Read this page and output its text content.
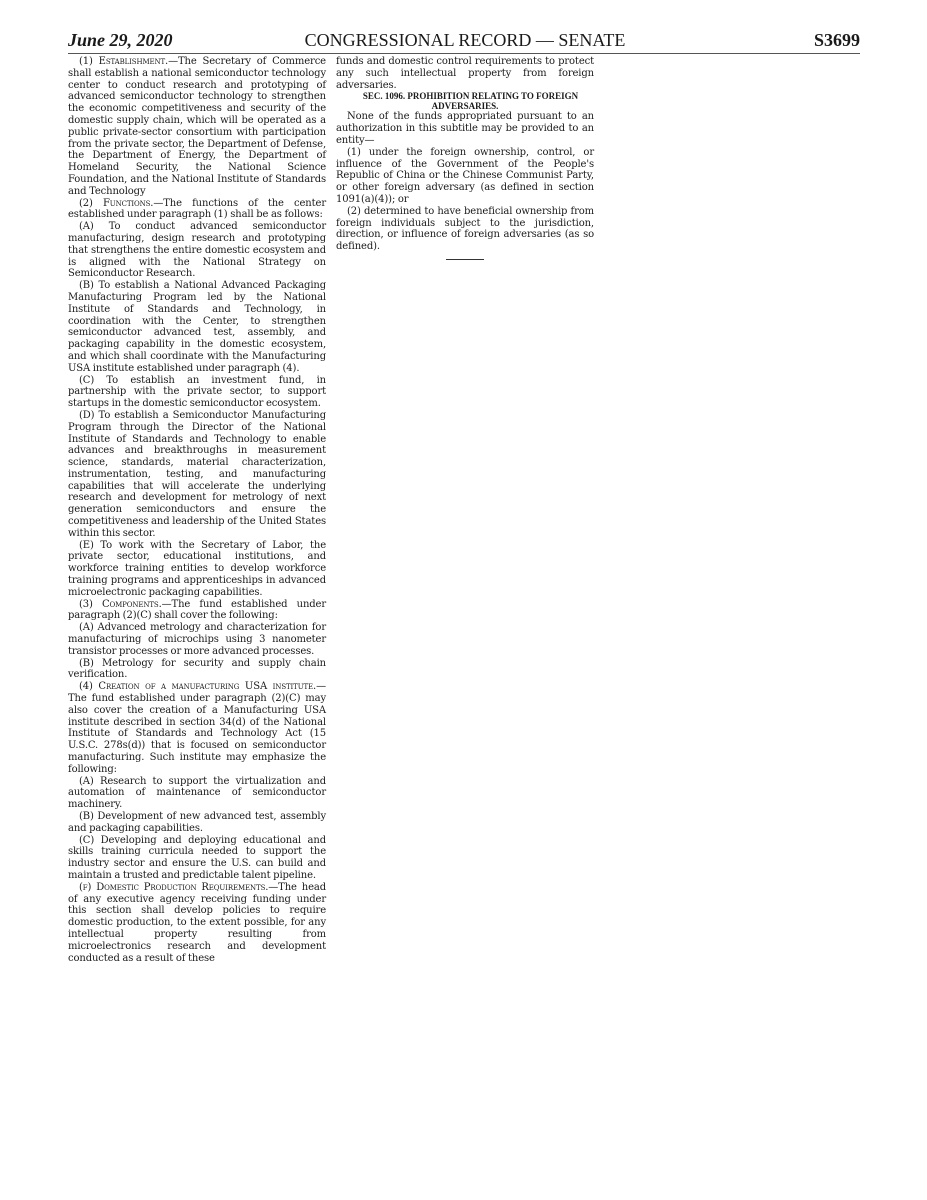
June 29, 2020	CONGRESSIONAL RECORD — SENATE	S3699

(1) Establishment.—The Secretary of Commerce shall establish a national semiconductor technology center to conduct research and prototyping of advanced semiconductor technology to strengthen the economic competitiveness and security of the domestic supply chain, which will be operated as a public private-sector consortium with participation from the private sector, the Department of Defense, the Department of Energy, the Department of Homeland Security, the National Science Foundation, and the National Institute of Standards and Technology

(2) Functions.—The functions of the center established under paragraph (1) shall be as follows:

(A) To conduct advanced semiconductor manufacturing, design research and prototyping that strengthens the entire domestic ecosystem and is aligned with the National Strategy on Semiconductor Research.

(B) To establish a National Advanced Packaging Manufacturing Program led by the National Institute of Standards and Technology, in coordination with the Center, to strengthen semiconductor advanced test, assembly, and packaging capability in the domestic ecosystem, and which shall coordinate with the Manufacturing USA institute established under paragraph (4).

(C) To establish an investment fund, in partnership with the private sector, to support startups in the domestic semiconductor ecosystem.

(D) To establish a Semiconductor Manufacturing Program through the Director of the National Institute of Standards and Technology to enable advances and breakthroughs in measurement science, standards, material characterization, instrumentation, testing, and manufacturing capabilities that will accelerate the underlying research and development for metrology of next generation semiconductors and ensure the competitiveness and leadership of the United States within this sector.

(E) To work with the Secretary of Labor, the private sector, educational institutions, and workforce training entities to develop workforce training programs and apprenticeships in advanced microelectronic packaging capabilities.

(3) Components.—The fund established under paragraph (2)(C) shall cover the following:

(A) Advanced metrology and characterization for manufacturing of microchips using 3 nanometer transistor processes or more advanced processes.

(B) Metrology for security and supply chain verification.

(4) Creation of a manufacturing USA institute.—The fund established under paragraph (2)(C) may also cover the creation of a Manufacturing USA institute described in section 34(d) of the National Institute of Standards and Technology Act (15 U.S.C. 278s(d)) that is focused on semiconductor manufacturing. Such institute may emphasize the following:

(A) Research to support the virtualization and automation of maintenance of semiconductor machinery.

(B) Development of new advanced test, assembly and packaging capabilities.

(C) Developing and deploying educational and skills training curricula needed to support the industry sector and ensure the U.S. can build and maintain a trusted and predictable talent pipeline.

(f) Domestic Production Requirements.—The head of any executive agency receiving funding under this section shall develop policies to require domestic production, to the extent possible, for any intellectual property resulting from microelectronics research and development conducted as a result of these

funds and domestic control requirements to protect any such intellectual property from foreign adversaries.

SEC. 1096. PROHIBITION RELATING TO FOREIGN ADVERSARIES.

None of the funds appropriated pursuant to an authorization in this subtitle may be provided to an entity—

(1) under the foreign ownership, control, or influence of the Government of the People's Republic of China or the Chinese Communist Party, or other foreign adversary (as defined in section 1091(a)(4)); or

(2) determined to have beneficial ownership from foreign individuals subject to the jurisdiction, direction, or influence of foreign adversaries (as so defined).
